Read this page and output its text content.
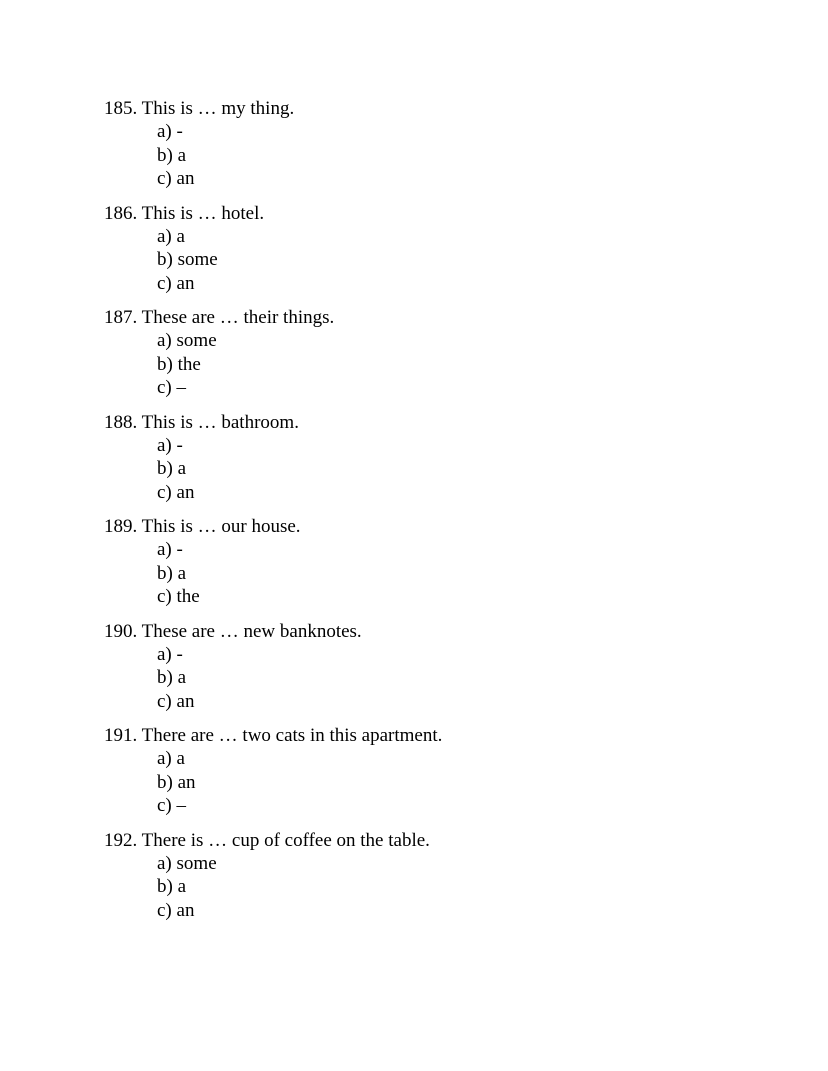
185. This is … my thing.
a) -
b) a
c) an
186. This is … hotel.
a) a
b) some
c) an
187. These are … their things.
a) some
b) the
c) –
188. This is … bathroom.
a) -
b) a
c) an
189. This is … our house.
a) -
b) a
c) the
190. These are … new banknotes.
a) -
b) a
c) an
191. There are … two cats in this apartment.
a) a
b) an
c) –
192. There is … cup of coffee on the table.
a) some
b) a
c) an
